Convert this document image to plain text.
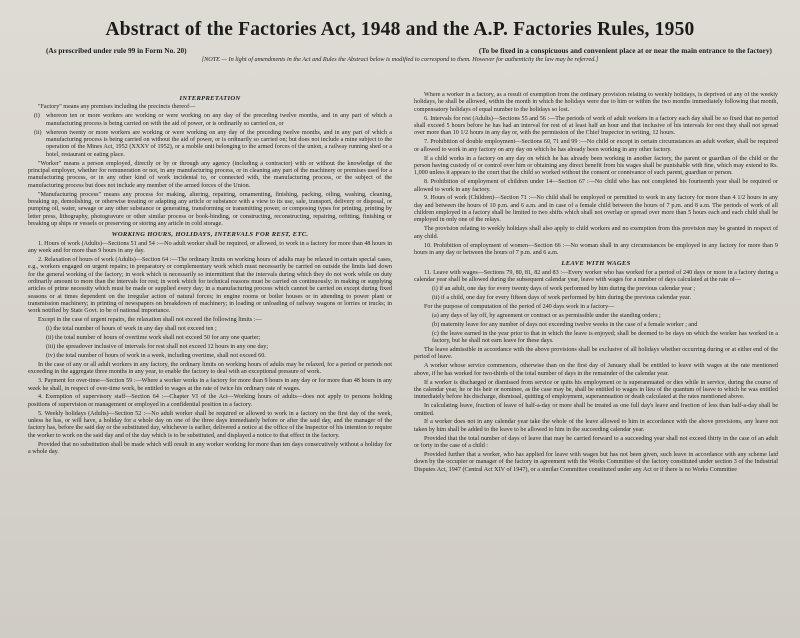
Abstract of the Factories Act, 1948 and the A.P. Factories Rules, 1950
(As prescribed under rule 99 in Form No. 20)	(To be fixed in a conspicuous and convenient place at or near the main entrance to the factory)
[NOTE — In light of amendments in the Act and Rules the Abstract below is modified to correspond to them. However for authenticity the law may be referred.]
INTERPRETATION

"Factory" means any premises including the precincts thereof—

(i) whereon ten or more workers are working or were working on any day of the preceding twelve months, and in any part of which a manufacturing process is being carried on with the aid of power, or is ordinarily so carried on, or

(ii) whereon twenty or more workers are working or were working on any day of the preceding twelve months, and in any part of which a manufacturing process is being carried on without the aid of power, or is ordinarily so carried on; but does not include a mine subject to the operation of the Mines Act, 1952 (XXXV of 1952), or a mobile unit belonging to the armed forces of the union, a railway running shed or a hotel, restaurant or eating place.

"Worker" means a person employed, directly or by or through any agency (including a contractor) with or without the knowledge of the principal employer, whether for remuneration or not, in any manufacturing process, or in cleaning any part of the machinery or premises used for a manufacturing process, or in any other kind of work incidental to, or connected with, the manufacturing process, or the subject of the manufacturing process but does not include any member of the armed forces of the Union.

"Manufacturing process" means any process for making, altering, repairing, ornamenting, finishing, packing, oiling, washing, cleaning, breaking up, demolishing, or otherwise treating or adapting any article or substance with a view to its use, sale, transport, delivery or disposal, or pumping oil, water, sewage or any other substance or generating, transforming or transmitting power, or composing types for printing, printing by letter press, lithography, photogravure or other similar process or book-binding, or constructing, reconstructing, repairing, refitting, finishing or breaking up ships or vessels or preserving or storing any article in cold storage.

WORKING HOURS, HOLIDAYS, INTERVALS FOR REST, ETC.

1. Hours of work (Adults)—Sections 51 and 54 :—No adult worker shall be required, or allowed, to work in a factory for more than 48 hours in any week and for more than 9 hours in any day.

2. Relaxation of hours of work (Adults)—Section 64 :—The ordinary limits on working hours of adults may be relaxed in certain special cases, e.g., workers engaged on urgent repairs; in preparatory or complementary work which must necessarily be carried on outside the limits laid down for the general working of the factory; in work which is necessarily so intermittent that the intervals during which they do not work while on duty ordinarily amount to more than the intervals for rest; in work which for technical reasons must be carried on continuously; in making or supplying articles of prime necessity which must be made or supplied every day; in a manufacturing process which cannot be carried on except during fixed seasons or at times dependent on the irregular action of natural forces; in engine rooms or boiler houses or in attending to power plant or transmission machinery; in printing of newspapers on breakdown of machinery; in loading or unloading of railway wagons or lorries or trucks; in work notified by State Govt. to be of national importance.

Except in the case of urgent repairs, the relaxation shall not exceed the following limits :—

(i) the total number of hours of work in any day shall not exceed ten ;

(ii) the total number of hours of overtime work shall not exceed 50 for any one quarter;

(iii) the spreadover inclusive of intervals for rest shall not exceed 12 hours in any one day;

(iv) the total number of hours of work in a week, including overtime, shall not exceed 60.

In the case of any or all adult workers in any factory, the ordinary limits on working hours of adults may be relaxed, for a period or periods not exceeding in the aggregate three months in any year, to enable the factory to deal with an exceptional pressure of work.

3. Payment for over-time—Section 59 :—Where a worker works in a factory for more than 9 hours in any day or for more than 48 hours in any week he shall, in respect of over-time work, be entitled to wages at the rate of twice his ordinary rate of wages.

4. Exemption of supervisory staff—Section 64 :—Chapter VI of the Act—Working hours of adults—does not apply to persons holding positions of supervision or management or employed in a confidential position in a factory.

5. Weekly holidays (Adults)—Section 52 :—No adult worker shall be required or allowed to work in a factory on the first day of the week, unless he has, or will have, a holiday for a whole day on one of the three days immediately before or after the said day, and the manager of the factory has, before the said day or the substituted day, whichever is earlier, delivered a notice at the office of the Inspector of his intention to require the worker to work on the said day and of the day which is to be substituted, and displayed a notice to that effect in the factory.

Provided that no substitution shall be made which will result in any worker working for more than ten days consecutively without a holiday for a whole day.

Where a worker in a factory, as a result of exemption from the ordinary provision relating to weekly holidays, is deprived of any of the weekly holidays, he shall be allowed, within the month in which the holidays were due to him or within the two months immediately following that month, compensatory holidays of equal number to the holidays so lost.

6. Intervals for rest (Adults)—Sections 55 and 56 :—The periods of work of adult workers in a factory each day shall be so fixed that no period shall exceed 5 hours before he has had an interval for rest of at least half an hour and that inclusive of his intervals for rest they shall not spread over more than 10 1/2 hours in any day or, with the permission of the Chief Inspector in writing, 12 hours.

7. Prohibition of double employment—Sections 60, 71 and 99 :—No child or except in certain circumstances an adult worker, shall be required or allowed to work in any factory on any day on which he has already been working in any other factory.

If a child works in a factory on any day on which he has already been working in another factory, the parent or guardian of the child or the person having custody of or control over him or obtaining any direct benefit from his wages shall be punishable with fine, which may extend to Rs. 1,000 unless it appears to the court that the child so worked without the consent or connivance of such parent, guardian or person.

8. Prohibition of employment of children under 14—Section 67 :—No child who has not completed his fourteenth year shall be required or allowed to work in any factory.

9. Hours of work (Children)—Section 71 :—No child shall be employed or permitted to work in any factory for more than 4 1/2 hours in any day and between the hours of 10 p.m. and 6 a.m. and in case of a female child between the hours of 7 p.m. and 8 a.m. The periods of work of all children employed in a factory shall be limited to two shifts which shall not overlap or spread over more than 5 hours each and each child shall be employed in only one of the relays.

The provision relating to weekly holidays shall also apply to child workers and no exemption from this provision may be granted in respect of any child.

10. Prohibition of employment of women—Section 66 :—No woman shall in any circumstances be employed in any factory for more than 9 hours in any day or between the hours of 7 p.m. and 6 a.m.

LEAVE WITH WAGES

11. Leave with wages—Sections 79, 80, 81, 82 and 83 :—Every worker who has worked for a period of 240 days or more in a factory during a calendar year shall be allowed during the subsequent calendar year, leave with wages for a number of days calculated at the rate of—

(i) if an adult, one day for every twenty days of work performed by him during the previous calendar year ;

(ii) if a child, one day for every fifteen days of work performed by him during the previous calendar year.

For the purpose of computation of the period of 240 days work in a factory—

(a) any days of lay off, by agreement or contract or as permissible under the standing orders ;

(b) maternity leave for any number of days not exceeding twelve weeks in the case of a female worker ; and

(c) the leave earned in the year prior to that in which the leave is enjoyed; shall be deemed to be days on which the worker has worked in a factory, but he shall not earn leave for these days.

The leave admissible in accordance with the above provisions shall be exclusive of all holidays whether occurring during or at either end of the period of leave.

A worker whose service commences, otherwise than on the first day of January shall be entitled to leave with wages at the rate mentioned above, if he has worked for two-thirds of the total number of days in the remainder of the calendar year.

If a worker is discharged or dismissed from service or quits his employment or is superannuated or dies while in service, during the course of the calendar year, he or his heir or nominee, as the case may be, shall be entitled to wages in lieu of the quantum of leave to which he was entitled immediately before his discharge, dismissal, quitting of employment, superannuation or death calculated at the rates mentioned above.

In calculating leave, fraction of leave of half-a-day or more shall be treated as one full day's leave and fraction of less than half-a-day shall be omitted.

If a worker does not in any calendar year take the whole of the leave allowed to him in accordance with the above provisions, any leave not taken by him shall be added to the leave to be allowed to him in the succeeding calendar year.

Provided that the total number of days of leave that may be carried forward to a succeeding year shall not exceed thirty in the case of an adult or forty in the case of a child :

Provided further that a worker, who has applied for leave with wages but has not been given, such leave in accordance with any scheme laid down by the occupier or manager of the factory in agreement with the Works Committee of the factory constituted under section 3 of the Industrial Disputes Act, 1947 (Central Act XIV of 1947), or a similar Committee constituted under any Act or if there is no Works Committee
